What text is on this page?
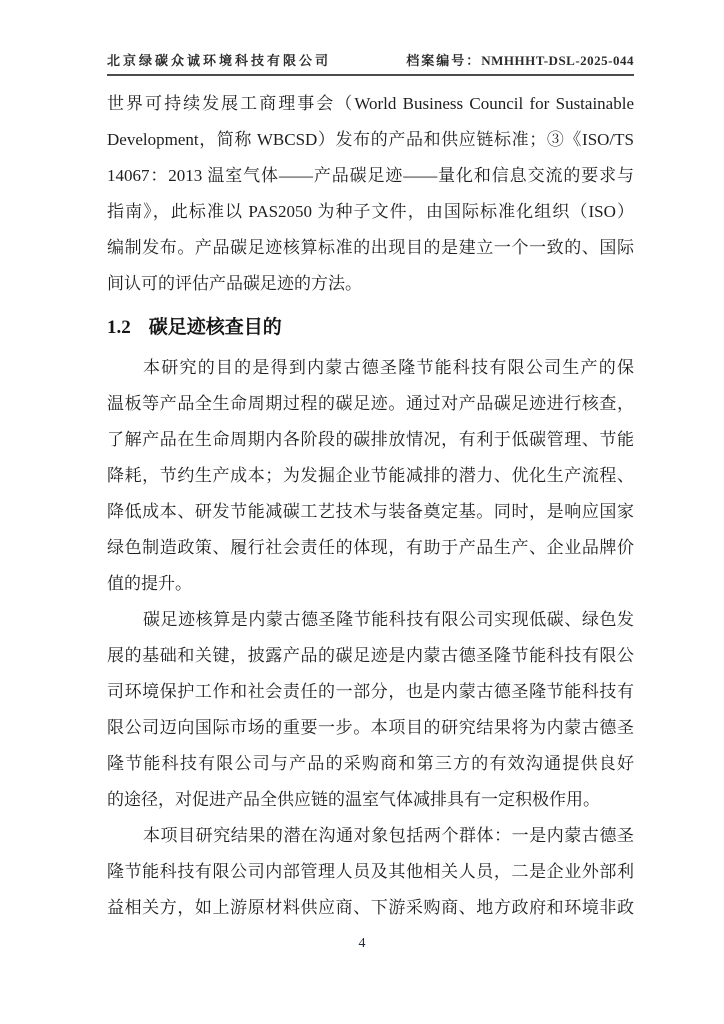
北京绿碳众诚环境科技有限公司	档案编号：NMHHHT-DSL-2025-044
世界可持续发展工商理事会（World Business Council for Sustainable
Development，简称 WBCSD）发布的产品和供应链标准；③《ISO/TS
14067：2013 温室气体——产品碳足迹——量化和信息交流的要求与
指南》，此标准以 PAS2050 为种子文件，由国际标准化组织（ISO）
编制发布。产品碳足迹核算标准的出现目的是建立一个一致的、国际
间认可的评估产品碳足迹的方法。
1.2 碳足迹核查目的
本研究的目的是得到内蒙古德圣隆节能科技有限公司生产的保
温板等产品全生命周期过程的碳足迹。通过对产品碳足迹进行核查，
了解产品在生命周期内各阶段的碳排放情况，有利于低碳管理、节能
降耗，节约生产成本；为发掘企业节能减排的潜力、优化生产流程、
降低成本、研发节能减碳工艺技术与装备奠定基。同时，是响应国家
绿色制造政策、履行社会责任的体现，有助于产品生产、企业品牌价
值的提升。
碳足迹核算是内蒙古德圣隆节能科技有限公司实现低碳、绿色发
展的基础和关键，披露产品的碳足迹是内蒙古德圣隆节能科技有限公
司环境保护工作和社会责任的一部分，也是内蒙古德圣隆节能科技有
限公司迈向国际市场的重要一步。本项目的研究结果将为内蒙古德圣
隆节能科技有限公司与产品的采购商和第三方的有效沟通提供良好
的途径，对促进产品全供应链的温室气体减排具有一定积极作用。
本项目研究结果的潜在沟通对象包括两个群体：一是内蒙古德圣
隆节能科技有限公司内部管理人员及其他相关人员，二是企业外部利
益相关方，如上游原材料供应商、下游采购商、地方政府和环境非政
4
